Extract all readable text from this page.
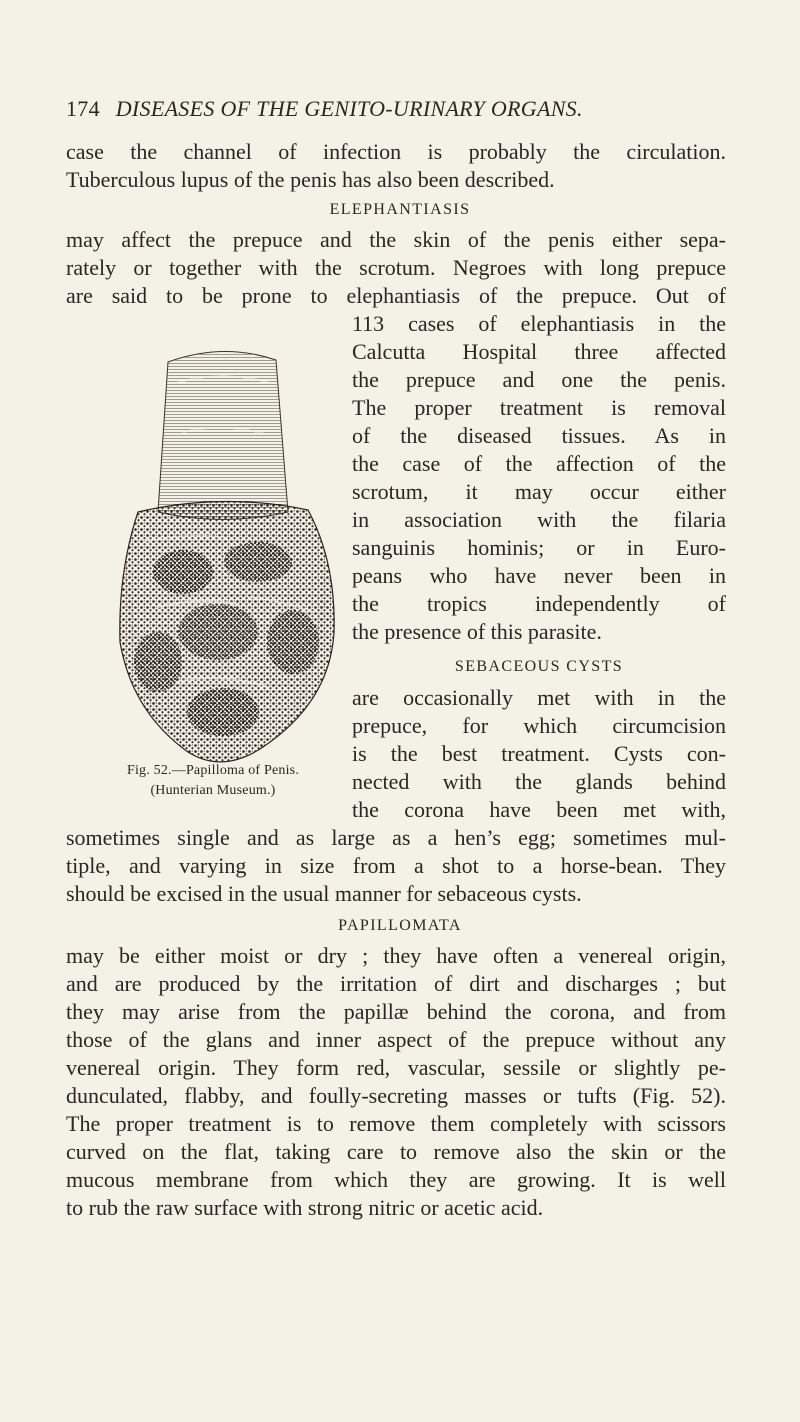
174 DISEASES OF THE GENITO-URINARY ORGANS.
case the channel of infection is probably the circulation.
Tuberculous lupus of the penis has also been described.
ELEPHANTIASIS
may affect the prepuce and the skin of the penis either sepa-
rately or together with the scrotum. Negroes with long prepuce
are said to be prone to elephantiasis of the prepuce. Out of
113 cases of elephantiasis in the
Calcutta Hospital three affected
the prepuce and one the penis.
The proper treatment is removal
of the diseased tissues. As in
the case of the affection of the
scrotum, it may occur either
in association with the filaria
sanguinis hominis; or in Euro-
peans who have never been in
the tropics independently of
the presence of this parasite.
SEBACEOUS CYSTS
are occasionally met with in the
prepuce, for which circumcision
is the best treatment. Cysts con-
nected with the glands behind
the corona have been met with,
sometimes single and as large as a hen’s egg; sometimes mul-
tiple, and varying in size from a shot to a horse-bean. They
should be excised in the usual manner for sebaceous cysts.
PAPILLOMATA
may be either moist or dry ; they have often a venereal origin,
and are produced by the irritation of dirt and discharges ; but
they may arise from the papillæ behind the corona, and from
those of the glans and inner aspect of the prepuce without any
venereal origin. They form red, vascular, sessile or slightly pe-
dunculated, flabby, and foully-secreting masses or tufts (Fig. 52).
The proper treatment is to remove them completely with scissors
curved on the flat, taking care to remove also the skin or the
mucous membrane from which they are growing. It is well
to rub the raw surface with strong nitric or acetic acid.
Fig. 52.—Papilloma of Penis.
(Hunterian Museum.)
